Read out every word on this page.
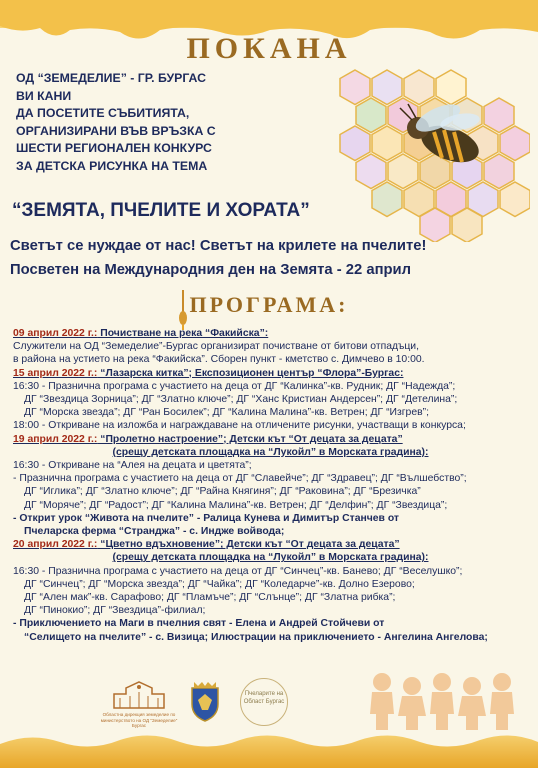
ПОКАНА
ОД “ЗЕМЕДЕЛИЕ” - ГР. БУРГАС
ВИ КАНИ
ДА ПОСЕТИТЕ СЪБИТИЯТА,
ОРГАНИЗИРАНИ ВЪВ ВРЪЗКА С
ШЕСТИ РЕГИОНАЛЕН КОНКУРС
ЗА ДЕТСКА РИСУНКА НА ТЕМА
“ЗЕМЯТА, ПЧЕЛИТЕ И ХОРАТА”
Светът се нуждае от нас! Светът на крилете на пчелите!
Посветен на Международния ден на Земята - 22 април
ПРОГРАМА:
09 април 2022 г.: Почистване на река “Факийска”:
Служители на ОД “Земеделие”-Бургас организират почистване от битови отпадъци,
в района на устието на река “Факийска”. Сборен пункт - кметство с. Димчево в 10:00.
15 април 2022 г.: “Лазарска китка”; Експозиционен център “Флора”-Бургас:
16:30 - Празнична програма с участието на деца от ДГ “Калинка”-кв. Рудник; ДГ “Надежда”;
ДГ “Звездица Зорница”; ДГ “Златно ключе”; ДГ “Ханс Кристиан Андерсен”; ДГ “Детелина”;
ДГ “Морска звезда”; ДГ “Ран Босилек”; ДГ “Калина Малина”-кв. Ветрен; ДГ “Изгрев”;
18:00 - Откриване на изложба и награждаване на отличените рисунки, участващи в конкурса;
19 април 2022 г.: “Пролетно настроение”; Детски кът “От децата за децата”
(срещу детската площадка на “Лукойл” в Морската градина):
16:30 - Откриване на “Алея на децата и цветята”;
- Празнична програма с участието на деца от ДГ “Славейче”; ДГ “Здравец”; ДГ “Вълшебство”;
ДГ “Иглика”; ДГ “Златно ключе”; ДГ “Райна Княгиня”; ДГ “Раковина”; ДГ “Брезичка”
ДГ “Моряче”; ДГ “Радост”; ДГ “Калина Малина”-кв. Ветрен; ДГ “Делфин”; ДГ “Звездица”;
- Открит урок “Живота на пчелите” - Ралица Кунева и Димитър Станчев от
Пчеларска ферма “Странджа” - с. Индже войвода;
20 април 2022 г.: “Цветно вдъхновение”; Детски кът “От децата за децата”
(срещу детската площадка на “Лукойл” в Морската градина):
16:30 - Празнична програма с участието на деца от ДГ “Синчец”-кв. Банево; ДГ “Веселушко”;
ДГ “Синчец”; ДГ “Морска звезда”; ДГ “Чайка”; ДГ “Коледарче”-кв. Долно Езерово;
ДГ “Ален мак”-кв. Сарафово; ДГ “Пламъче”; ДГ “Слънце”; ДГ “Златна рибка”;
ДГ “Пинокио”; ДГ “Звездица”-филиал;
- Приключението на Маги в пчелния свят - Елена и Андрей Стойчеви от
“Селището на пчелите” - с. Визица; Илюстрации на приключението - Ангелина Ангелова;
Областна дирекция земеделие по министерството на ОД “Земеделие” Бургас
Пчеларите на Област Бургас
